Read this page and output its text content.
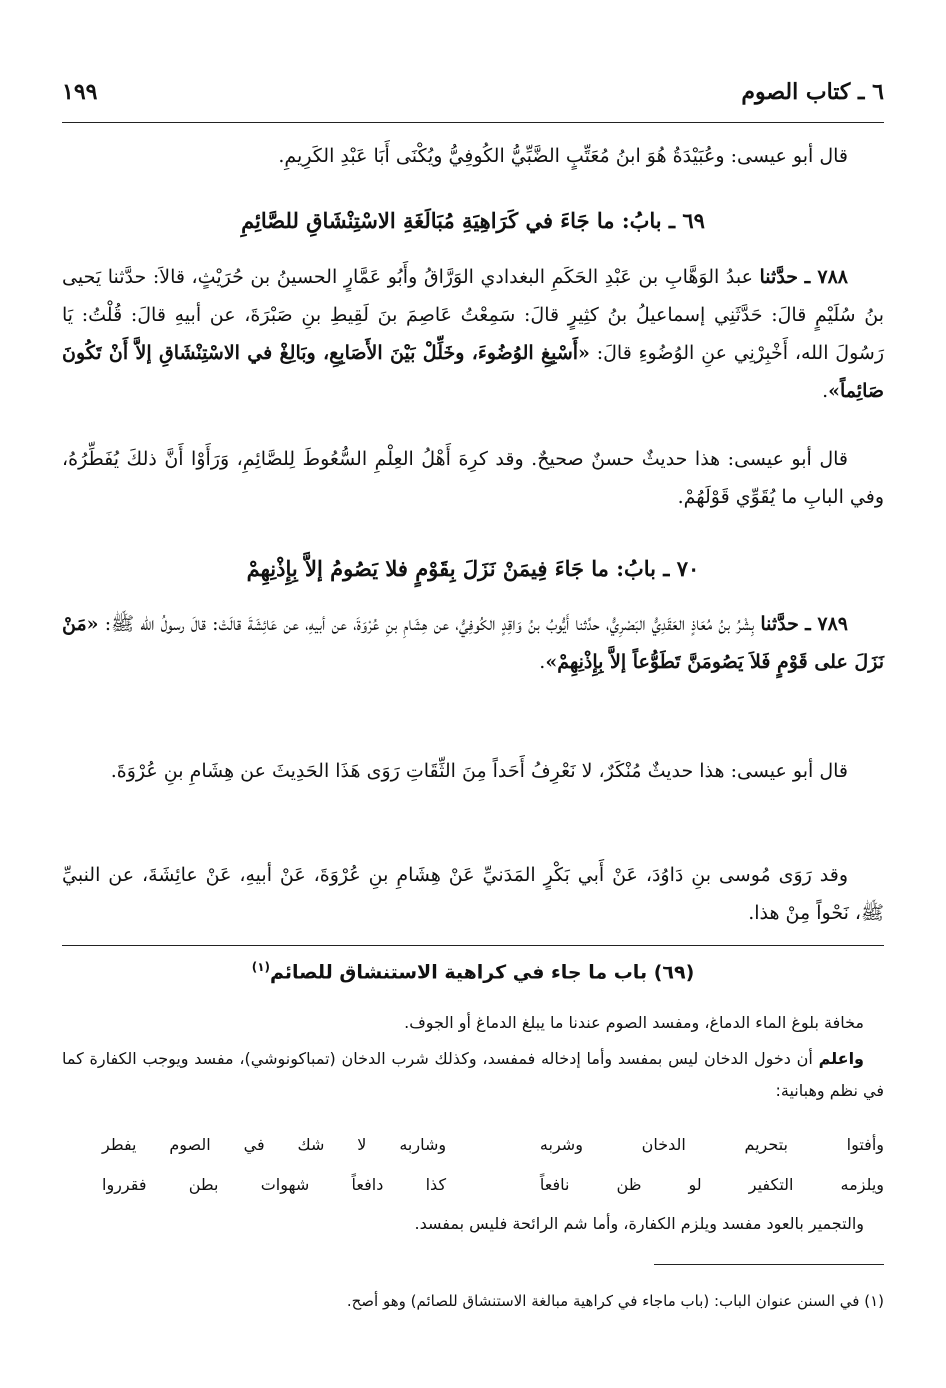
٦ ـ كتاب الصوم
١٩٩
قال أبو عيسى: وعُبَيْدَةُ هُوَ ابنُ مُعَتِّبٍ الضَّبِّيُّ الكُوفِيُّ ويُكْنَى أَبَا عَبْدِ الكَرِيمِ.
٦٩ ـ بابُ: ما جَاءَ في كَرَاهِيَةِ مُبَالَغَةِ الاسْتِنْشَاقِ للصَّائِمِ
٧٨٨ ـ حدَّثنا عبدُ الوَهَّابِ بن عَبْدِ الحَكَمِ البغدادي الوَرَّاقُ وأَبُو عَمَّارٍ الحسينُ بن حُرَيْثٍ، قالاَ: حدَّثنا يَحيى بنُ سُلَيْمٍ قالَ: حَدَّثَنِي إسماعيلُ بنُ كثِيرٍ قالَ: سَمِعْتُ عَاصِمَ بنَ لَقِيطِ بنِ صَبْرَةَ، عن أبيهِ قالَ: قُلْتُ: يَا رَسُولَ الله، أَخْبِرْنِي عنِ الوُضُوءِ قالَ: «أَسْبِغِ الوُضُوءَ، وخَلِّلْ بَيْنَ الأَصَابِعِ، وبَالِغْ في الاسْتِنْشَاقِ إلاَّ أَنْ تَكُونَ صَائِماً».
قال أبو عيسى: هذا حديثٌ حسنٌ صحيحٌ. وقد كرِهَ أَهْلُ العِلْمِ السُّعُوطَ لِلصَّائِمِ، وَرَأَوْا أَنَّ ذلكَ يُفَطِّرُهُ، وفي البابِ ما يُقَوِّي قَوْلَهُمْ.
٧٠ ـ بابُ: ما جَاءَ فِيمَنْ نَزَلَ بِقَوْمٍ فلا يَصُومُ إلاَّ بِإِذْنِهِمْ
٧٨٩ ـ حدَّثنا بِشْرُ بنُ مُعَاذٍ العَقَدِيُّ البَصْرِيُّ، حدَّثنا أَيُّوبُ بنُ وَاقِدٍ الكُوفِيُّ، عن هِشَامِ بنِ عُرْوَةَ، عن أبيهِ، عن عَائِشَةَ قالَتْ: قالَ رسولُ الله ﷺ: «مَنْ نَزَلَ على قَوْمٍ فَلاَ يَصُومَنَّ تَطَوُّعاً إلاَّ بِإِذْنِهِمْ».
قال أبو عيسى: هذا حديثٌ مُنْكَرٌ، لا نَعْرِفُ أَحَداً مِنَ الثِّقَاتِ رَوَى هَذَا الحَدِيثَ عن هِشَامِ بنِ عُرْوَةَ.
وقد رَوَى مُوسى بنِ دَاوُدَ، عَنْ أَبي بَكْرٍ المَدَنيِّ عَنْ هِشَامِ بنِ عُرْوَةَ، عَنْ أبيهِ، عَنْ عائِشَةَ، عن النبيِّ ﷺ، نَحْواً مِنْ هذا.
(٦٩) باب ما جاء في كراهية الاستنشاق للصائم$^{(١)}$
مخافة بلوغ الماء الدماغ، ومفسد الصوم عندنا ما يبلغ الدماغ أو الجوف.
واعلم أن دخول الدخان ليس بمفسد وأما إدخاله فمفسد، وكذلك شرب الدخان (تمباكونوشي)، مفسد ويوجب الكفارة كما في نظم وهبانية:
وأفتوا بتحريم الدخان وشربه
وشاربه لا شك في الصوم يفطر
ويلزمه التكفير لو ظن نافعاً
كذا دافعاً شهوات بطن فقرروا
والتجمير بالعود مفسد ويلزم الكفارة، وأما شم الرائحة فليس بمفسد.
(١) في السنن عنوان الباب: (باب ماجاء في كراهية مبالغة الاستنشاق للصائم) وهو أصح.
